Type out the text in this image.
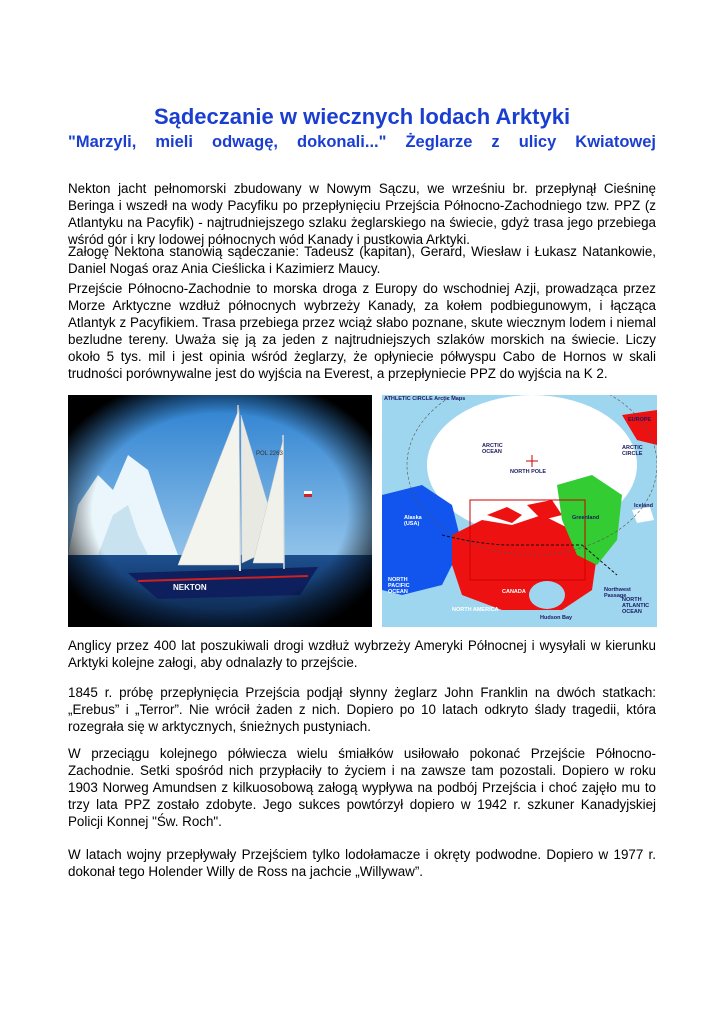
Sądeczanie w wiecznych lodach Arktyki
"Marzyli, mieli odwagę, dokonali..." Żeglarze z ulicy Kwiatowej

Nekton jacht pełnomorski zbudowany w Nowym Sączu, we wrześniu br. przepłynął Cieśninę Beringa i wszedł na wody Pacyfiku po przepłynięciu Przejścia Północno-Zachodniego tzw. PPZ (z Atlantyku na Pacyfik) - najtrudniejszego szlaku żeglarskiego na świecie, gdyż trasa jego przebiega wśród gór i kry lodowej północnych wód Kanady i pustkowia Arktyki.

Załogę Nektona stanowią sądeczanie: Tadeusz (kapitan), Gerard, Wiesław i Łukasz Natankowie, Daniel Nogaś oraz Ania Cieślicka i Kazimierz Maucy.

Przejście Północno-Zachodnie to morska droga z Europy do wschodniej Azji, prowadząca przez Morze Arktyczne wzdłuż północnych wybrzeży Kanady, za kołem podbiegunowym, i łącząca Atlantyk z Pacyfikiem. Trasa przebiega przez wciąż słabo poznane, skute wiecznym lodem i niemal bezludne tereny. Uważa się ją za jeden z najtrudniejszych szlaków morskich na świecie. Liczy około 5 tys. mil i jest opinia wśród żeglarzy, że opłyniecie półwyspu Cabo de Hornos w skali trudności porównywalne jest do wyjścia na Everest, a przepłyniecie PPZ do wyjścia na K 2.

ATHLETIC CIRCLE Arctic Maps
ARCTIC OCEAN
NORTH POLE
EUROPE
ARCTIC CIRCLE
Alaska (USA)
Greenland
Iceland
NORTH PACIFIC OCEAN	CANADA
NORTH AMERICA
Hudson Bay
Northwest Passage
NORTH ATLANTIC OCEAN

Anglicy przez 400 lat poszukiwali drogi wzdłuż wybrzeży Ameryki Północnej i wysyłali w kierunku Arktyki kolejne załogi, aby odnalazły to przejście.

1845 r. próbę przepłynięcia Przejścia podjął słynny żeglarz John Franklin na dwóch statkach: „Erebus” i „Terror”. Nie wrócił żaden z nich. Dopiero po 10 latach odkryto ślady tragedii, która rozegrała się w arktycznych, śnieżnych pustyniach.

W przeciągu kolejnego półwiecza wielu śmiałków usiłowało pokonać Przejście Północno-Zachodnie. Setki spośród nich przypłaciły to życiem i na zawsze tam pozostali. Dopiero w roku 1903 Norweg Amundsen z kilkuosobową załogą wypływa na podbój Przejścia i choć zajęło mu to trzy lata PPZ zostało zdobyte. Jego sukces powtórzył dopiero w 1942 r. szkuner Kanadyjskiej Policji Konnej "Św. Roch".

W latach wojny przepływały Przejściem tylko lodołamacze i okręty podwodne. Dopiero w 1977 r. dokonał tego Holender Willy de Ross na jachcie „Willywaw”.
